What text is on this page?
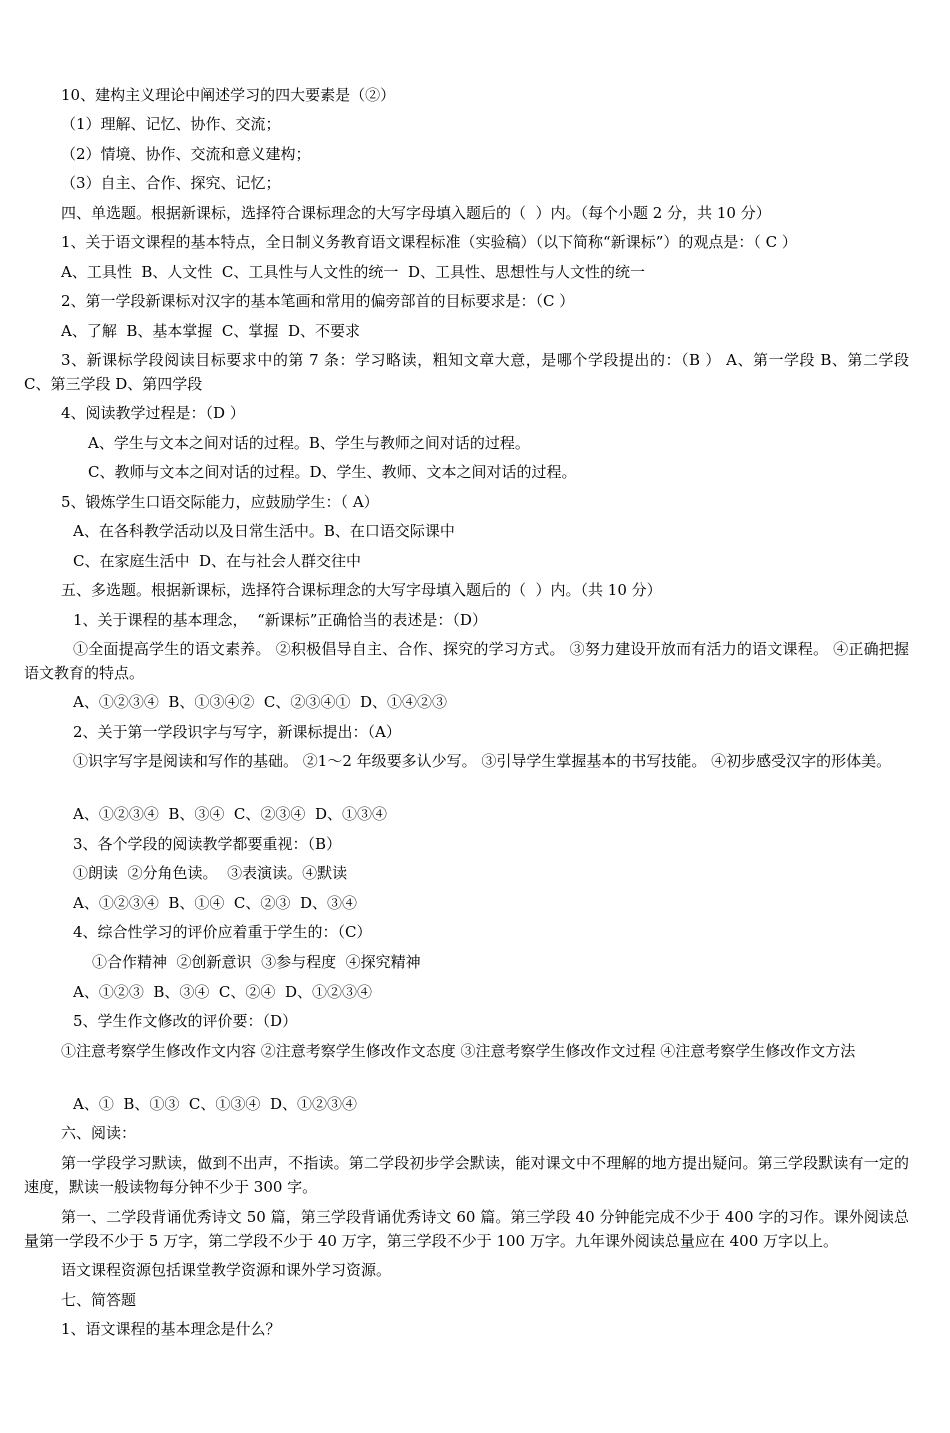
10、建构主义理论中阐述学习的四大要素是（②）
（1）理解、记忆、协作、交流；
（2）情境、协作、交流和意义建构；
（3）自主、合作、探究、记忆；
四、单选题。根据新课标，选择符合课标理念的大写字母填入题后的（  ）内。（每个小题 2 分，共 10 分）
1、关于语文课程的基本特点，全日制义务教育语文课程标准（实验稿）（以下简称“新课标”）的观点是：（ C ）
A、工具性  B、人文性  C、工具性与人文性的统一  D、工具性、思想性与人文性的统一
2、第一学段新课标对汉字的基本笔画和常用的偏旁部首的目标要求是：（C ）
A、了解  B、基本掌握  C、掌握  D、不要求
3、新课标学段阅读目标要求中的第 7 条：学习略读，粗知文章大意，是哪个学段提出的：（B ） A、第一学段 B、第二学段 C、第三学段 D、第四学段
4、阅读教学过程是：（D ）
A、学生与文本之间对话的过程。B、学生与教师之间对话的过程。
C、教师与文本之间对话的过程。D、学生、教师、文本之间对话的过程。
5、锻炼学生口语交际能力，应鼓励学生：（ A）
A、在各科教学活动以及日常生活中。B、在口语交际课中
C、在家庭生活中  D、在与社会人群交往中
五、多选题。根据新课标，选择符合课标理念的大写字母填入题后的（  ）内。（共 10 分）
1、关于课程的基本理念，  “新课标”正确恰当的表述是：（D）
①全面提高学生的语文素养。 ②积极倡导自主、合作、探究的学习方式。 ③努力建设开放而有活力的语文课程。 ④正确把握语文教育的特点。
A、①②③④  B、①③④②  C、②③④①  D、①④②③
2、关于第一学段识字与写字，新课标提出：（A）
①识字写字是阅读和写作的基础。 ②1～2 年级要多认少写。 ③引导学生掌握基本的书写技能。 ④初步感受汉字的形体美。
A、①②③④  B、③④  C、②③④  D、①③④
3、各个学段的阅读教学都要重视：（B）
①朗读  ②分角色读。  ③表演读。④默读
A、①②③④  B、①④  C、②③  D、③④
4、综合性学习的评价应着重于学生的：（C）
①合作精神  ②创新意识  ③参与程度  ④探究精神
A、①②③  B、③④  C、②④  D、①②③④
5、学生作文修改的评价要：（D）
①注意考察学生修改作文内容 ②注意考察学生修改作文态度 ③注意考察学生修改作文过程 ④注意考察学生修改作文方法
A、①  B、①③  C、①③④  D、①②③④
六、阅读：
第一学段学习默读，做到不出声，不指读。第二学段初步学会默读，能对课文中不理解的地方提出疑问。第三学段默读有一定的速度，默读一般读物每分钟不少于 300 字。
第一、二学段背诵优秀诗文 50 篇，第三学段背诵优秀诗文 60 篇。第三学段 40 分钟能完成不少于 400 字的习作。课外阅读总量第一学段不少于 5 万字，第二学段不少于 40 万字，第三学段不少于 100 万字。九年课外阅读总量应在 400 万字以上。
语文课程资源包括课堂教学资源和课外学习资源。
七、简答题
1、语文课程的基本理念是什么？
